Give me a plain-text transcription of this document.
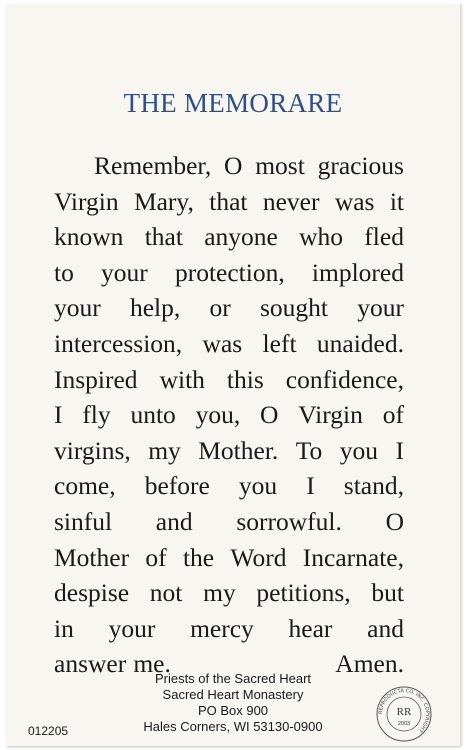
THE MEMORARE
Remember, O most gracious
Virgin Mary, that never was it
known that anyone who fled
to your protection, implored
your help, or sought your
intercession, was left unaided.
Inspired with this confidence,
I fly unto you, O Virgin of
virgins, my Mother. To you I
come, before you I stand,
sinful and sorrowful. O
Mother of the Word Incarnate,
despise not my petitions, but
in your mercy hear and
answer me.	Amen.
Priests of the Sacred Heart
Sacred Heart Monastery
PO Box 900
Hales Corners, WI 53130-0900
012205
REPRODUCTA CO. INC. COPYRIGHT
RR
2003
